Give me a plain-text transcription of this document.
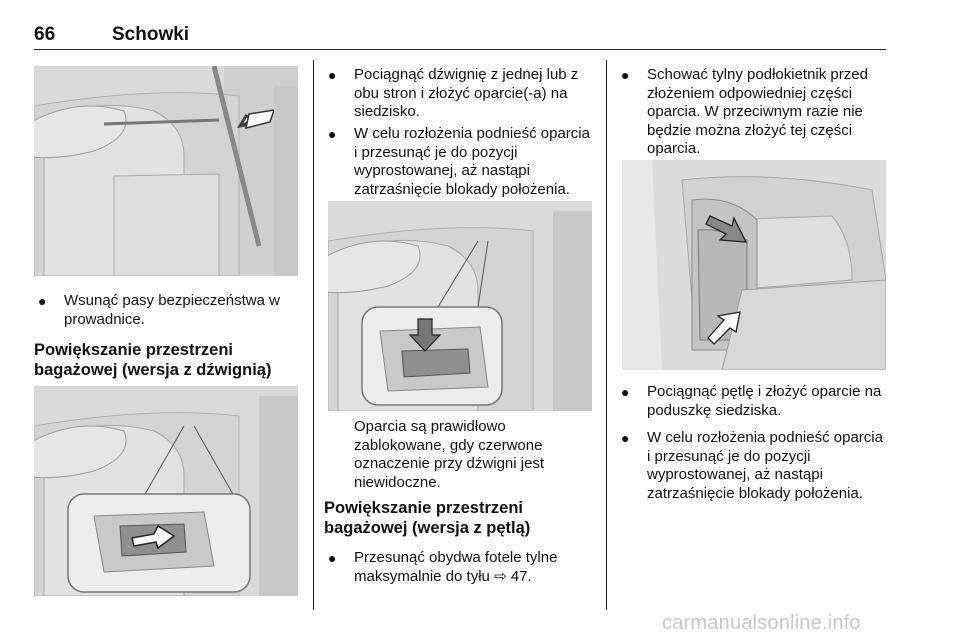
66	Schowki
● Wsunąć pasy bezpieczeństwa w prowadnice.
Powiększanie przestrzeni bagażowej (wersja z dźwignią)
● Pociągnąć dźwignię z jednej lub z obu stron i złożyć oparcie(-a) na siedzisko.
● W celu rozłożenia podnieść oparcia i przesunąć je do pozycji wyprostowanej, aż nastąpi zatrzaśnięcie blokady położenia.
Oparcia są prawidłowo zablokowane, gdy czerwone oznaczenie przy dźwigni jest niewidoczne.
Powiększanie przestrzeni bagażowej (wersja z pętlą)
● Przesunąć obydwa fotele tylne maksymalnie do tyłu ⇨ 47.
● Schować tylny podłokietnik przed złożeniem odpowiedniej części oparcia. W przeciwnym razie nie będzie można złożyć tej części oparcia.
● Pociągnąć pętlę i złożyć oparcie na poduszkę siedziska.
● W celu rozłożenia podnieść oparcia i przesunąć je do pozycji wyprostowanej, aż nastąpi zatrzaśnięcie blokady położenia.
carmanualsonline.info
